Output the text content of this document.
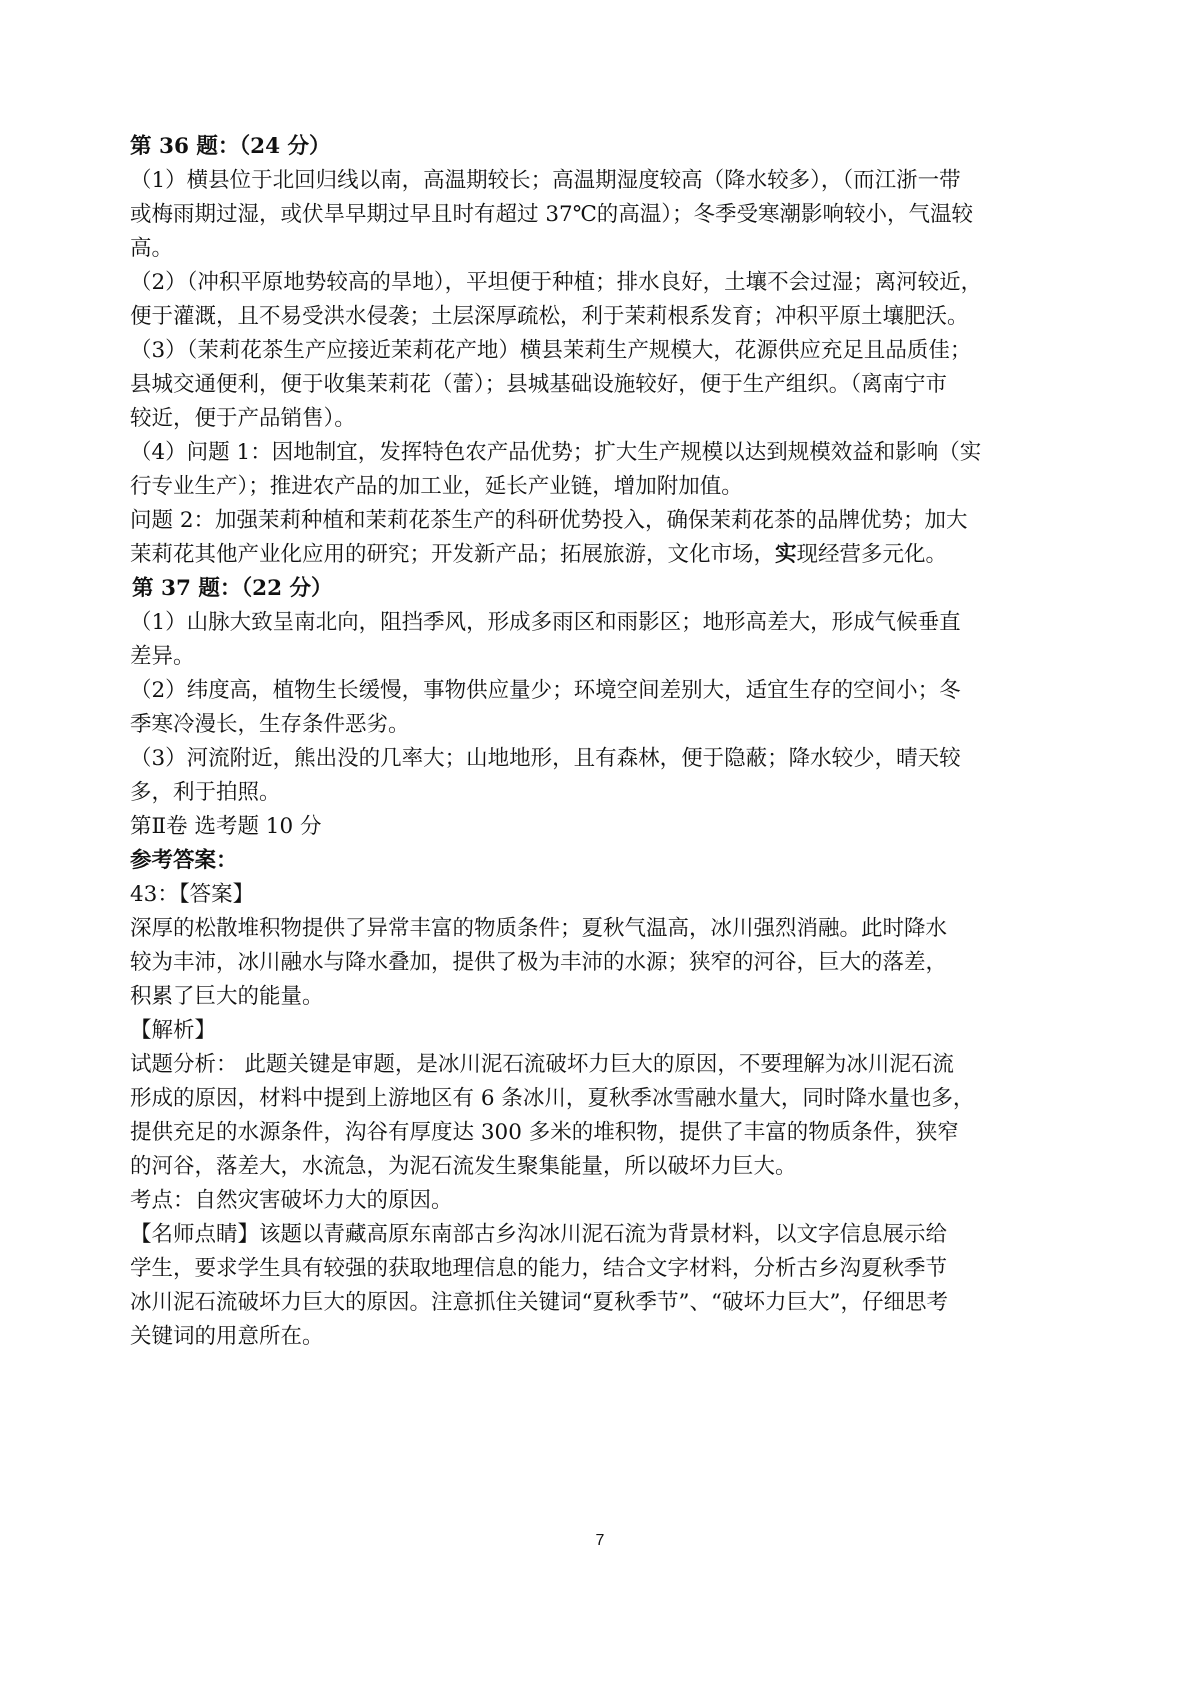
第 36 题：（24 分）

（1）横县位于北回归线以南，高温期较长；高温期湿度较高（降水较多），（而江浙一带

或梅雨期过湿，或伏旱早期过早且时有超过 37℃的高温）；冬季受寒潮影响较小，气温较

高。

（2）（冲积平原地势较高的旱地），平坦便于种植；排水良好，土壤不会过湿；离河较近，

便于灌溉，且不易受洪水侵袭；土层深厚疏松，利于茉莉根系发育；冲积平原土壤肥沃。

（3）（茉莉花茶生产应接近茉莉花产地）横县茉莉生产规模大，花源供应充足且品质佳；

县城交通便利，便于收集茉莉花（蕾）；县城基础设施较好，便于生产组织。（离南宁市

较近，便于产品销售）。

（4）问题 1：因地制宜，发挥特色农产品优势；扩大生产规模以达到规模效益和影响（实

行专业生产）；推进农产品的加工业，延长产业链，增加附加值。

问题 2：加强茉莉种植和茉莉花茶生产的科研优势投入，确保茉莉花茶的品牌优势；加大

茉莉花其他产业化应用的研究；开发新产品；拓展旅游，文化市场，实现经营多元化。

第 37 题：（22 分）

（1）山脉大致呈南北向，阻挡季风，形成多雨区和雨影区；地形高差大，形成气候垂直

差异。

（2）纬度高，植物生长缓慢，事物供应量少；环境空间差别大，适宜生存的空间小；冬

季寒冷漫长，生存条件恶劣。

（3）河流附近，熊出没的几率大；山地地形，且有森林，便于隐蔽；降水较少，晴天较

多，利于拍照。

第Ⅱ卷 选考题 10 分

参考答案：

43：【答案】

深厚的松散堆积物提供了异常丰富的物质条件；夏秋气温高，冰川强烈消融。此时降水

较为丰沛，冰川融水与降水叠加，提供了极为丰沛的水源；狭窄的河谷，巨大的落差，

积累了巨大的能量。

【解析】

试题分析： 此题关键是审题，是冰川泥石流破坏力巨大的原因，不要理解为冰川泥石流

形成的原因，材料中提到上游地区有 6 条冰川，夏秋季冰雪融水量大，同时降水量也多，

提供充足的水源条件，沟谷有厚度达 300 多米的堆积物，提供了丰富的物质条件，狭窄

的河谷，落差大，水流急，为泥石流发生聚集能量，所以破坏力巨大。

考点：自然灾害破坏力大的原因。

【名师点睛】该题以青藏高原东南部古乡沟冰川泥石流为背景材料，以文字信息展示给

学生，要求学生具有较强的获取地理信息的能力，结合文字材料，分析古乡沟夏秋季节

冰川泥石流破坏力巨大的原因。注意抓住关键词“夏秋季节”、“破坏力巨大”，仔细思考

关键词的用意所在。

7
